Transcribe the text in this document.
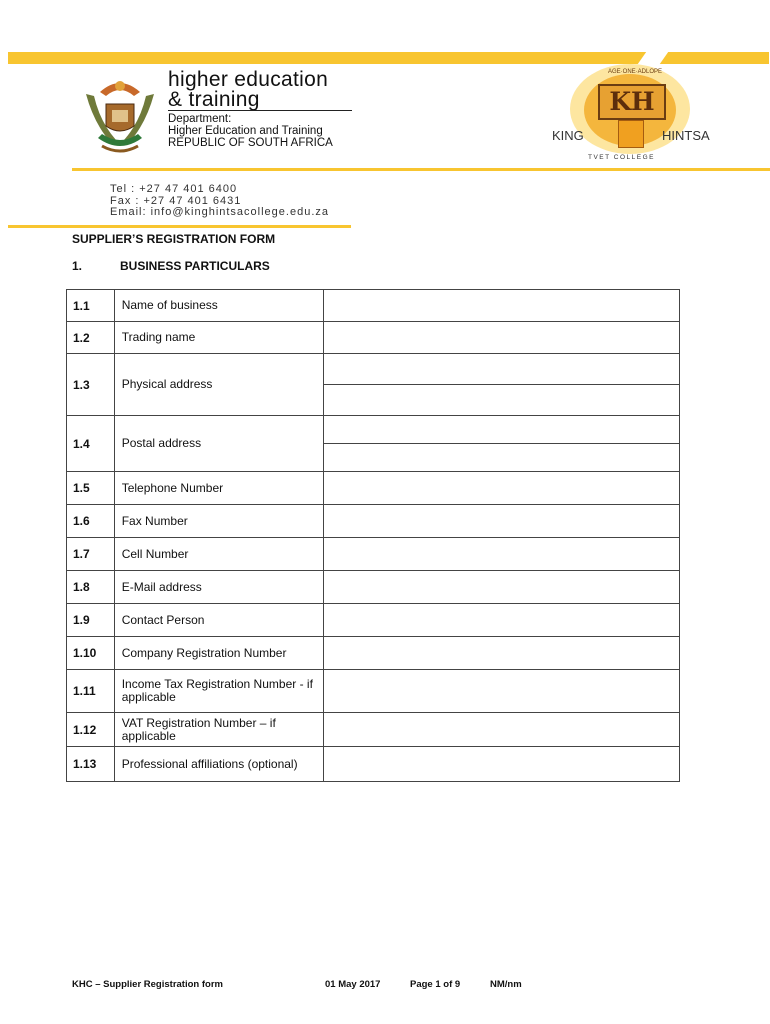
higher education
& training
Department:
Higher Education and Training
REPUBLIC OF SOUTH AFRICA
AGE·ONE·ADLOPE
KH
KING	HINTSA
TVET COLLEGE
Tel : +27 47 401 6400
Fax : +27 47 401 6431
Email: info@kinghintsacollege.edu.za
SUPPLIER’S REGISTRATION FORM
1.	BUSINESS PARTICULARS
1.1	Name of business	
1.2	Trading name	
1.3	Physical address	

1.4	Postal address	

1.5	Telephone Number	
1.6	Fax Number	
1.7	Cell Number	
1.8	E-Mail address	
1.9	Contact Person	
1.10	Company Registration Number	
1.11	Income Tax Registration Number - if applicable	
1.12	VAT Registration Number – if applicable	
1.13	Professional affiliations (optional)	
KHC – Supplier Registration form	01 May 2017	Page 1 of 9	NM/nm
